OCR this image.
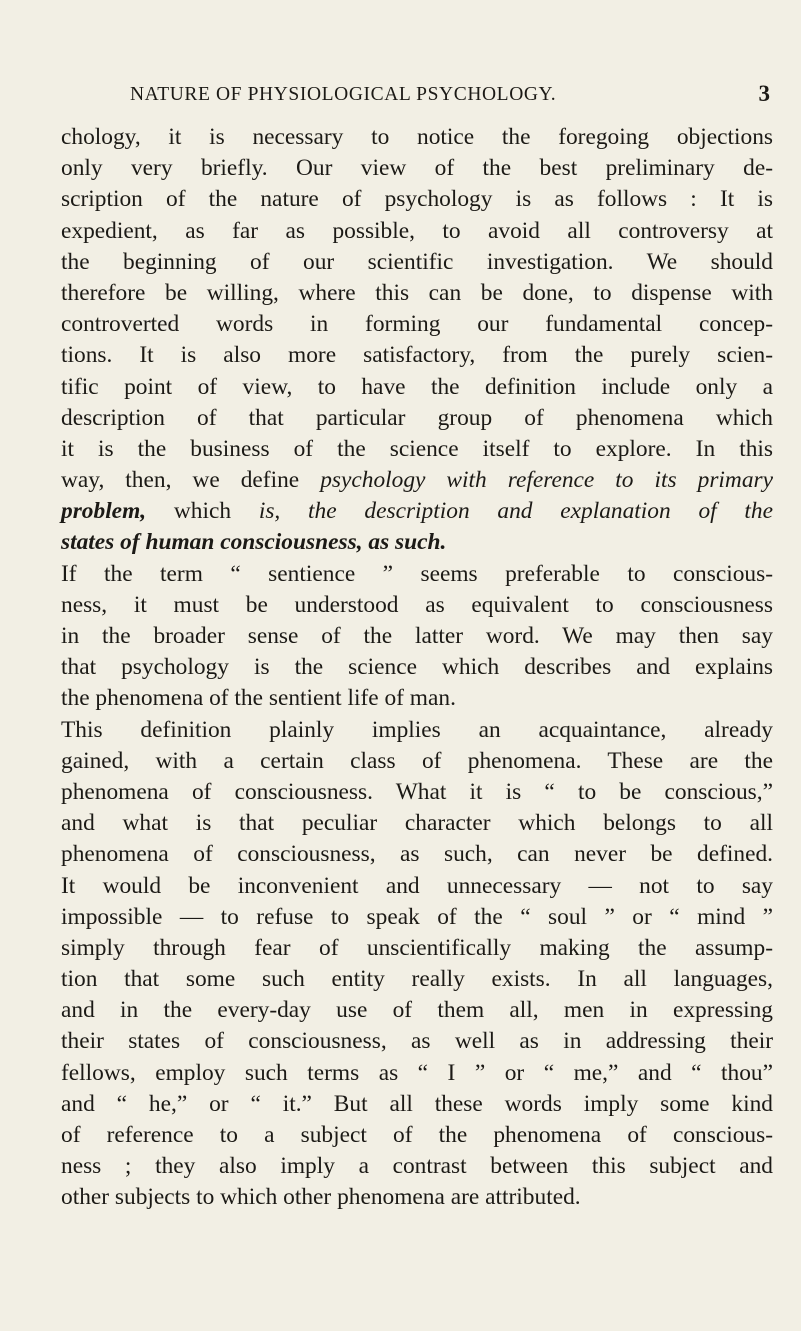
NATURE OF PHYSIOLOGICAL PSYCHOLOGY.	3
chology, it is necessary to notice the foregoing objections
only very briefly. Our view of the best preliminary de-
scription of the nature of psychology is as follows : It is
expedient, as far as possible, to avoid all controversy at
the beginning of our scientific investigation. We should
therefore be willing, where this can be done, to dispense with
controverted words in forming our fundamental concep-
tions. It is also more satisfactory, from the purely scien-
tific point of view, to have the definition include only a
description of that particular group of phenomena which
it is the business of the science itself to explore. In this
way, then, we define psychology with reference to its primary
problem, which is, the description and explanation of the
states of human consciousness, as such.
If the term “ sentience ” seems preferable to conscious-
ness, it must be understood as equivalent to consciousness
in the broader sense of the latter word. We may then say
that psychology is the science which describes and explains
the phenomena of the sentient life of man.
This definition plainly implies an acquaintance, already
gained, with a certain class of phenomena. These are the
phenomena of consciousness. What it is “ to be conscious,”
and what is that peculiar character which belongs to all
phenomena of consciousness, as such, can never be defined.
It would be inconvenient and unnecessary — not to say
impossible — to refuse to speak of the “ soul ” or “ mind ”
simply through fear of unscientifically making the assump-
tion that some such entity really exists. In all languages,
and in the every-day use of them all, men in expressing
their states of consciousness, as well as in addressing their
fellows, employ such terms as “ I ” or “ me,” and “ thou”
and “ he,” or “ it.” But all these words imply some kind
of reference to a subject of the phenomena of conscious-
ness ; they also imply a contrast between this subject and
other subjects to which other phenomena are attributed.
